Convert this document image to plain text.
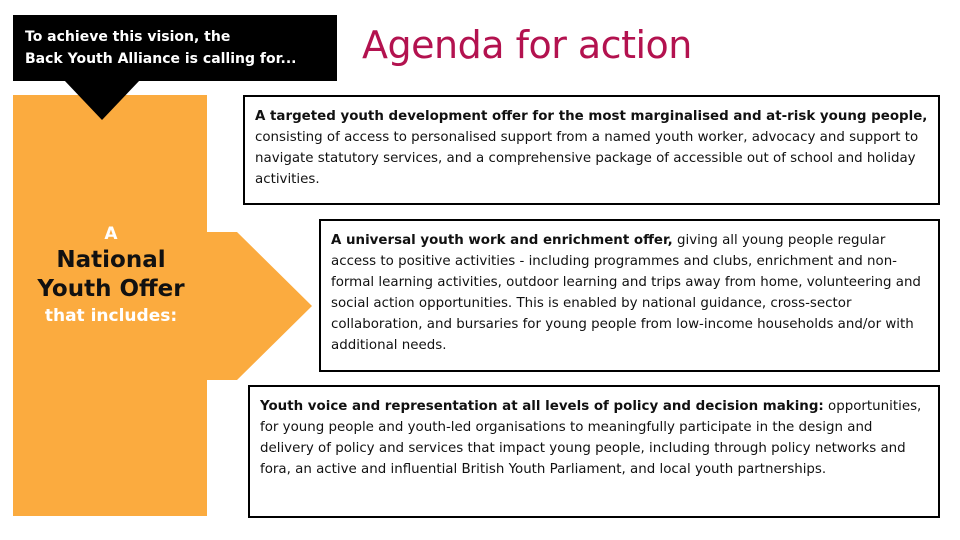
To achieve this vision, the
Back Youth Alliance is calling for...	Agenda for action
A
National
Youth Offer
that includes:
A targeted youth development offer for the most marginalised and at-risk young people, consisting of access to personalised support from a named youth worker, advocacy and support to navigate statutory services, and a comprehensive package of accessible out of school and holiday activities.
A universal youth work and enrichment offer, giving all young people regular access to positive activities - including programmes and clubs, enrichment and non-formal learning activities, outdoor learning and trips away from home, volunteering and social action opportunities. This is enabled by national guidance, cross-sector collaboration, and bursaries for young people from low-income households and/or with additional needs.
Youth voice and representation at all levels of policy and decision making: opportunities, for young people and youth-led organisations to meaningfully participate in the design and delivery of policy and services that impact young people, including through policy networks and fora, an active and influential British Youth Parliament, and local youth partnerships.
